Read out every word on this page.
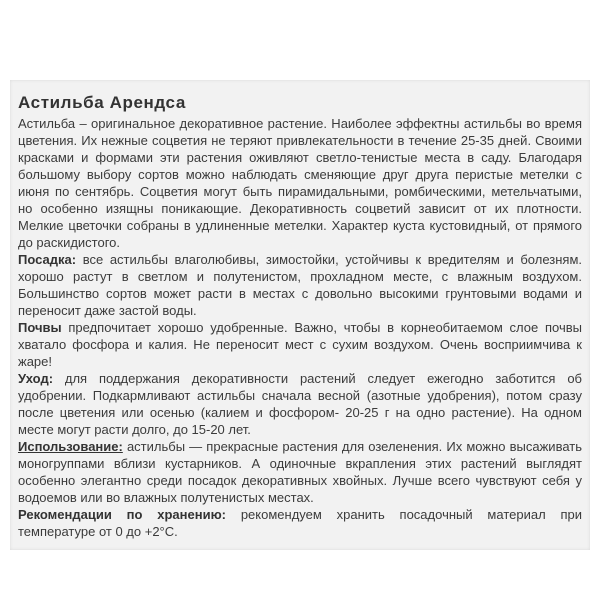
Астильба Арендса

Астильба – оригинальное декоративное растение. Наиболее эффектны астильбы во время цветения. Их нежные соцветия не теряют привлекательности в течение 25-35 дней. Своими красками и формами эти растения оживляют светло-тенистые места в саду. Благодаря большому выбору сортов можно наблюдать сменяющие друг друга перистые метелки с июня по сентябрь. Соцветия могут быть пирамидальными, ромбическими, метельчатыми, но особенно изящны поникающие. Декоративность соцветий зависит от их плотности. Мелкие цветочки собраны в удлиненные метелки. Характер куста кустовидный, от прямого до раскидистого.

Посадка: все астильбы влаголюбивы, зимостойки, устойчивы к вредителям и болезням. хорошо растут в светлом и полутенистом, прохладном месте, с влажным воздухом. Большинство сортов может расти в местах с довольно высокими грунтовыми водами и переносит даже застой воды.

Почвы предпочитает хорошо удобренные. Важно, чтобы в корнеобитаемом слое почвы хватало фосфора и калия. Не переносит мест с сухим воздухом. Очень восприимчива к жаре!

Уход: для поддержания декоративности растений следует ежегодно заботится об удобрении. Подкармливают астильбы сначала весной (азотные удобрения), потом сразу после цветения или осенью (калием и фосфором- 20-25 г на одно растение). На одном месте могут расти долго, до 15-20 лет.

Использование: астильбы — прекрасные растения для озеленения. Их можно высаживать моногруппами вблизи кустарников. А одиночные вкрапления этих растений выглядят особенно элегантно среди посадок декоративных хвойных. Лучше всего чувствуют себя у водоемов или во влажных полутенистых местах.

Рекомендации по хранению: рекомендуем хранить посадочный материал при температуре от 0 до +2°С.
